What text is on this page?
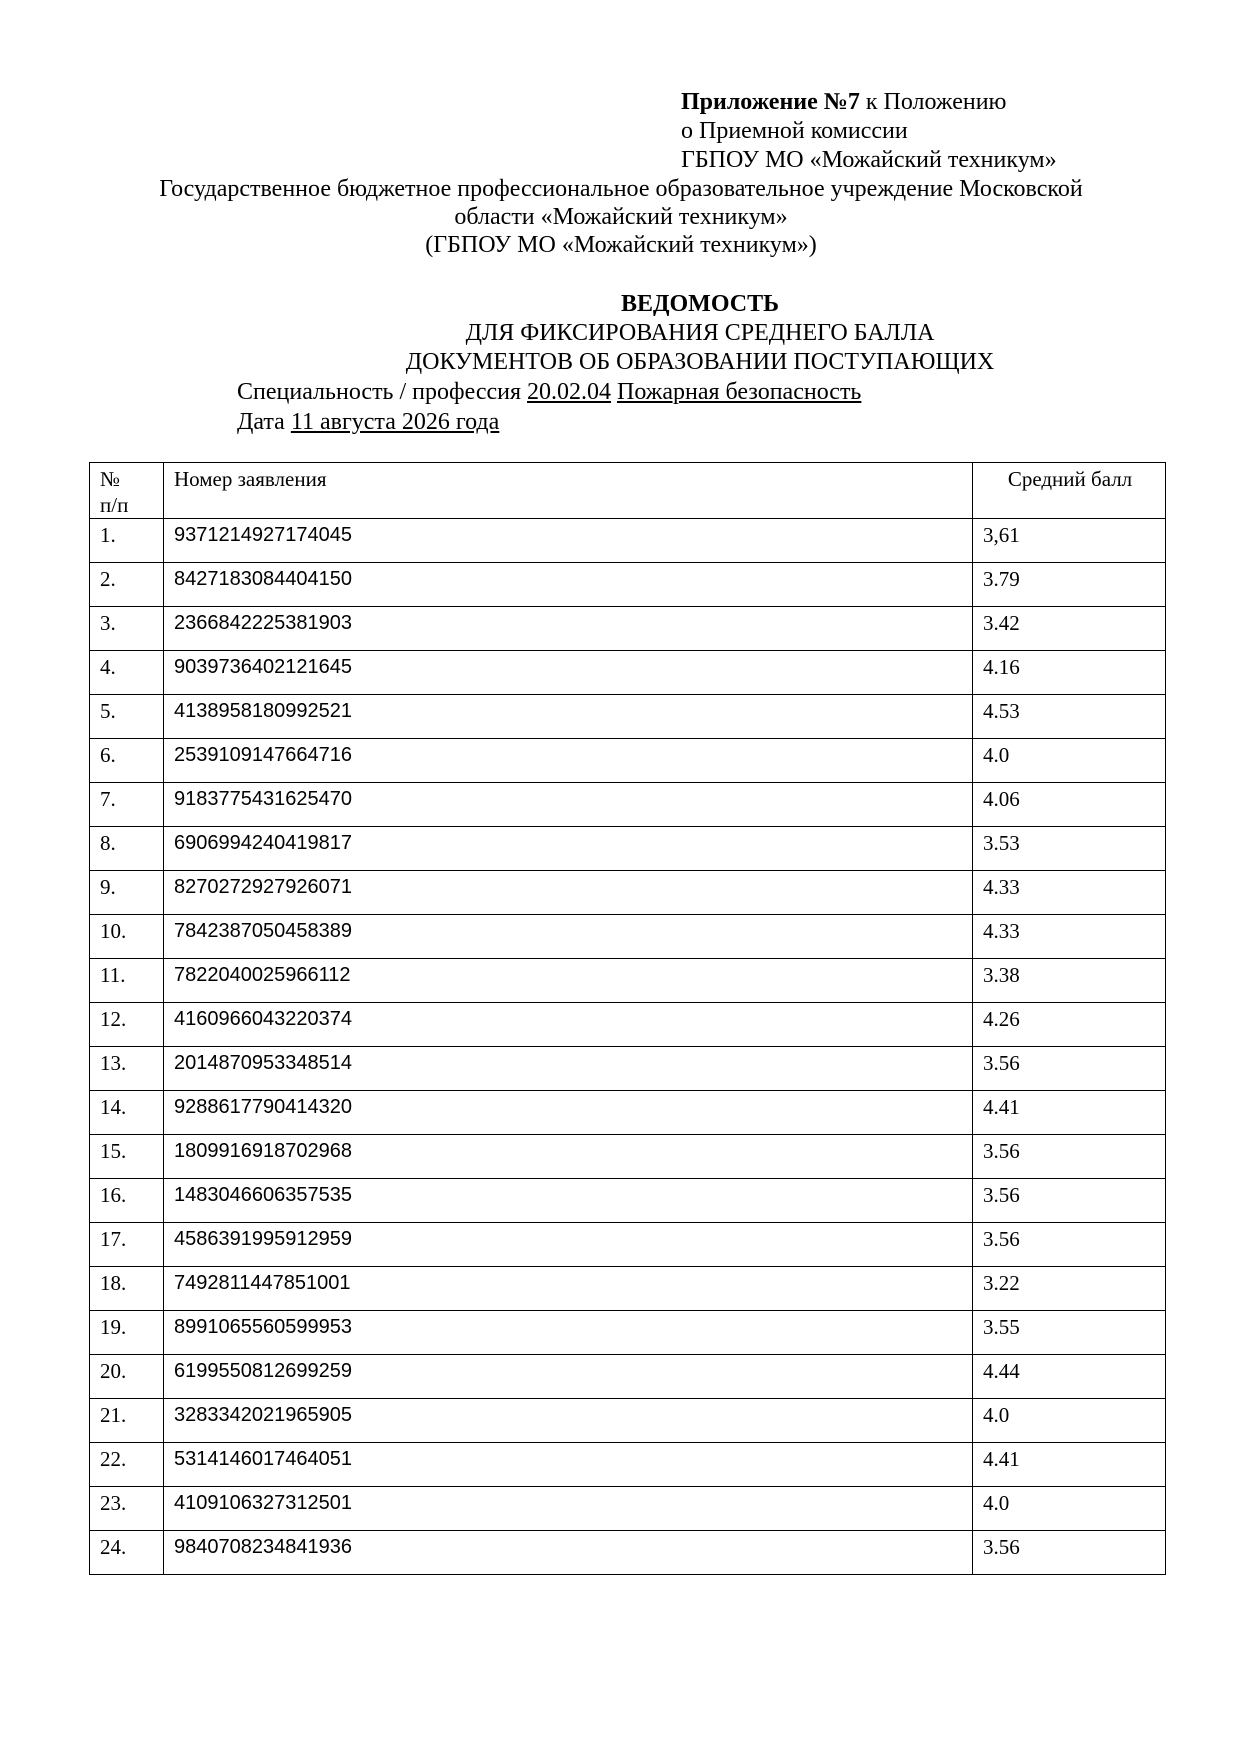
Приложение №7 к Положению
о Приемной комиссии
ГБПОУ МО «Можайский техникум»
Государственное бюджетное профессиональное образовательное учреждение Московской
области «Можайский техникум»
(ГБПОУ МО «Можайский техникум»)
ВЕДОМОСТЬ
ДЛЯ ФИКСИРОВАНИЯ СРЕДНЕГО БАЛЛА
ДОКУМЕНТОВ ОБ ОБРАЗОВАНИИ ПОСТУПАЮЩИХ
Специальность / профессия 20.02.04 Пожарная безопасность
Дата 11 августа 2026 года
№
п/п	Номер заявления	Средний балл
1.	9371214927174045	3,61
2.	8427183084404150	3.79
3.	2366842225381903	3.42
4.	9039736402121645	4.16
5.	4138958180992521	4.53
6.	2539109147664716	4.0
7.	9183775431625470	4.06
8.	6906994240419817	3.53
9.	8270272927926071	4.33
10.	7842387050458389	4.33
11.	7822040025966112	3.38
12.	4160966043220374	4.26
13.	2014870953348514	3.56
14.	9288617790414320	4.41
15.	1809916918702968	3.56
16.	1483046606357535	3.56
17.	4586391995912959	3.56
18.	7492811447851001	3.22
19.	8991065560599953	3.55
20.	6199550812699259	4.44
21.	3283342021965905	4.0
22.	5314146017464051	4.41
23.	4109106327312501	4.0
24.	9840708234841936	3.56
